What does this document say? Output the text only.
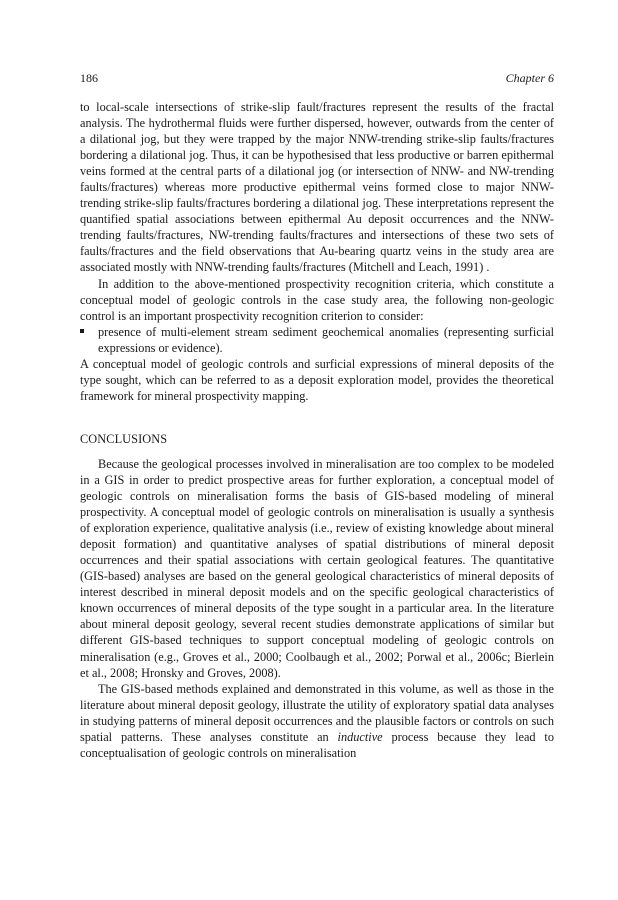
186	Chapter 6

to local-scale intersections of strike-slip fault/fractures represent the results of the fractal analysis. The hydrothermal fluids were further dispersed, however, outwards from the center of a dilational jog, but they were trapped by the major NNW-trending strike-slip faults/fractures bordering a dilational jog. Thus, it can be hypothesised that less productive or barren epithermal veins formed at the central parts of a dilational jog (or intersection of NNW- and NW-trending faults/fractures) whereas more productive epithermal veins formed close to major NNW-trending strike-slip faults/fractures bordering a dilational jog. These interpretations represent the quantified spatial associations between epithermal Au deposit occurrences and the NNW-trending faults/fractures, NW-trending faults/fractures and intersections of these two sets of faults/fractures and the field observations that Au-bearing quartz veins in the study area are associated mostly with NNW-trending faults/fractures (Mitchell and Leach, 1991) .

In addition to the above-mentioned prospectivity recognition criteria, which constitute a conceptual model of geologic controls in the case study area, the following non-geologic control is an important prospectivity recognition criterion to consider:

presence of multi-element stream sediment geochemical anomalies (representing surficial expressions or evidence).

A conceptual model of geologic controls and surficial expressions of mineral deposits of the type sought, which can be referred to as a deposit exploration model, provides the theoretical framework for mineral prospectivity mapping.

CONCLUSIONS

Because the geological processes involved in mineralisation are too complex to be modeled in a GIS in order to predict prospective areas for further exploration, a conceptual model of geologic controls on mineralisation forms the basis of GIS-based modeling of mineral prospectivity. A conceptual model of geologic controls on mineralisation is usually a synthesis of exploration experience, qualitative analysis (i.e., review of existing knowledge about mineral deposit formation) and quantitative analyses of spatial distributions of mineral deposit occurrences and their spatial associations with certain geological features. The quantitative (GIS-based) analyses are based on the general geological characteristics of mineral deposits of interest described in mineral deposit models and on the specific geological characteristics of known occurrences of mineral deposits of the type sought in a particular area. In the literature about mineral deposit geology, several recent studies demonstrate applications of similar but different GIS-based techniques to support conceptual modeling of geologic controls on mineralisation (e.g., Groves et al., 2000; Coolbaugh et al., 2002; Porwal et al., 2006c; Bierlein et al., 2008; Hronsky and Groves, 2008).

The GIS-based methods explained and demonstrated in this volume, as well as those in the literature about mineral deposit geology, illustrate the utility of exploratory spatial data analyses in studying patterns of mineral deposit occurrences and the plausible factors or controls on such spatial patterns. These analyses constitute an inductive process because they lead to conceptualisation of geologic controls on mineralisation
